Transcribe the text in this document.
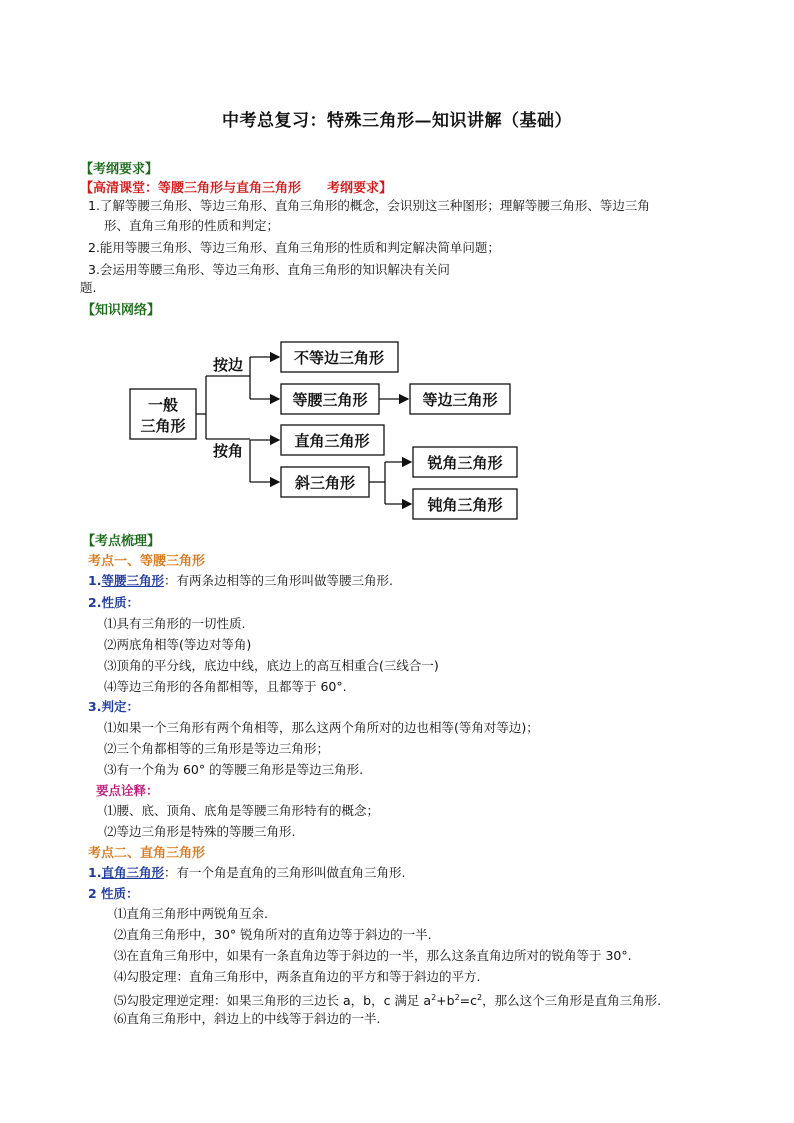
中考总复习：特殊三角形—知识讲解（基础）
【考纲要求】
【高清课堂：等腰三角形与直角三角形　　考纲要求】
1.了解等腰三角形、等边三角形、直角三角形的概念，会识别这三种图形；理解等腰三角形、等边三角
形、直角三角形的性质和判定；
2.能用等腰三角形、等边三角形、直角三角形的性质和判定解决简单问题；
3.会运用等腰三角形、等边三角形、直角三角形的知识解决有关问
题.
【知识网络】
一般
三角形
按边
按角
不等边三角形
等腰三角形	等边三角形
直角三角形
斜三角形
锐角三角形
钝角三角形
【考点梳理】
考点一、等腰三角形
1.等腰三角形：有两条边相等的三角形叫做等腰三角形.
2.性质：
⑴具有三角形的一切性质.
⑵两底角相等(等边对等角)
⑶顶角的平分线，底边中线，底边上的高互相重合(三线合一)
⑷等边三角形的各角都相等，且都等于 60°.
3.判定：
⑴如果一个三角形有两个角相等，那么这两个角所对的边也相等(等角对等边)；
⑵三个角都相等的三角形是等边三角形；
⑶有一个角为 60° 的等腰三角形是等边三角形.
要点诠释：
⑴腰、底、顶角、底角是等腰三角形特有的概念；
⑵等边三角形是特殊的等腰三角形.
考点二、直角三角形
1.直角三角形：有一个角是直角的三角形叫做直角三角形.
2 性质：
⑴直角三角形中两锐角互余.
⑵直角三角形中，30° 锐角所对的直角边等于斜边的一半.
⑶在直角三角形中，如果有一条直角边等于斜边的一半，那么这条直角边所对的锐角等于 30°.
⑷勾股定理：直角三角形中，两条直角边的平方和等于斜边的平方.
⑸勾股定理逆定理：如果三角形的三边长 a，b，c 满足 $a^2+b^2=c^2$，那么这个三角形是直角三角形.
⑹直角三角形中，斜边上的中线等于斜边的一半.
